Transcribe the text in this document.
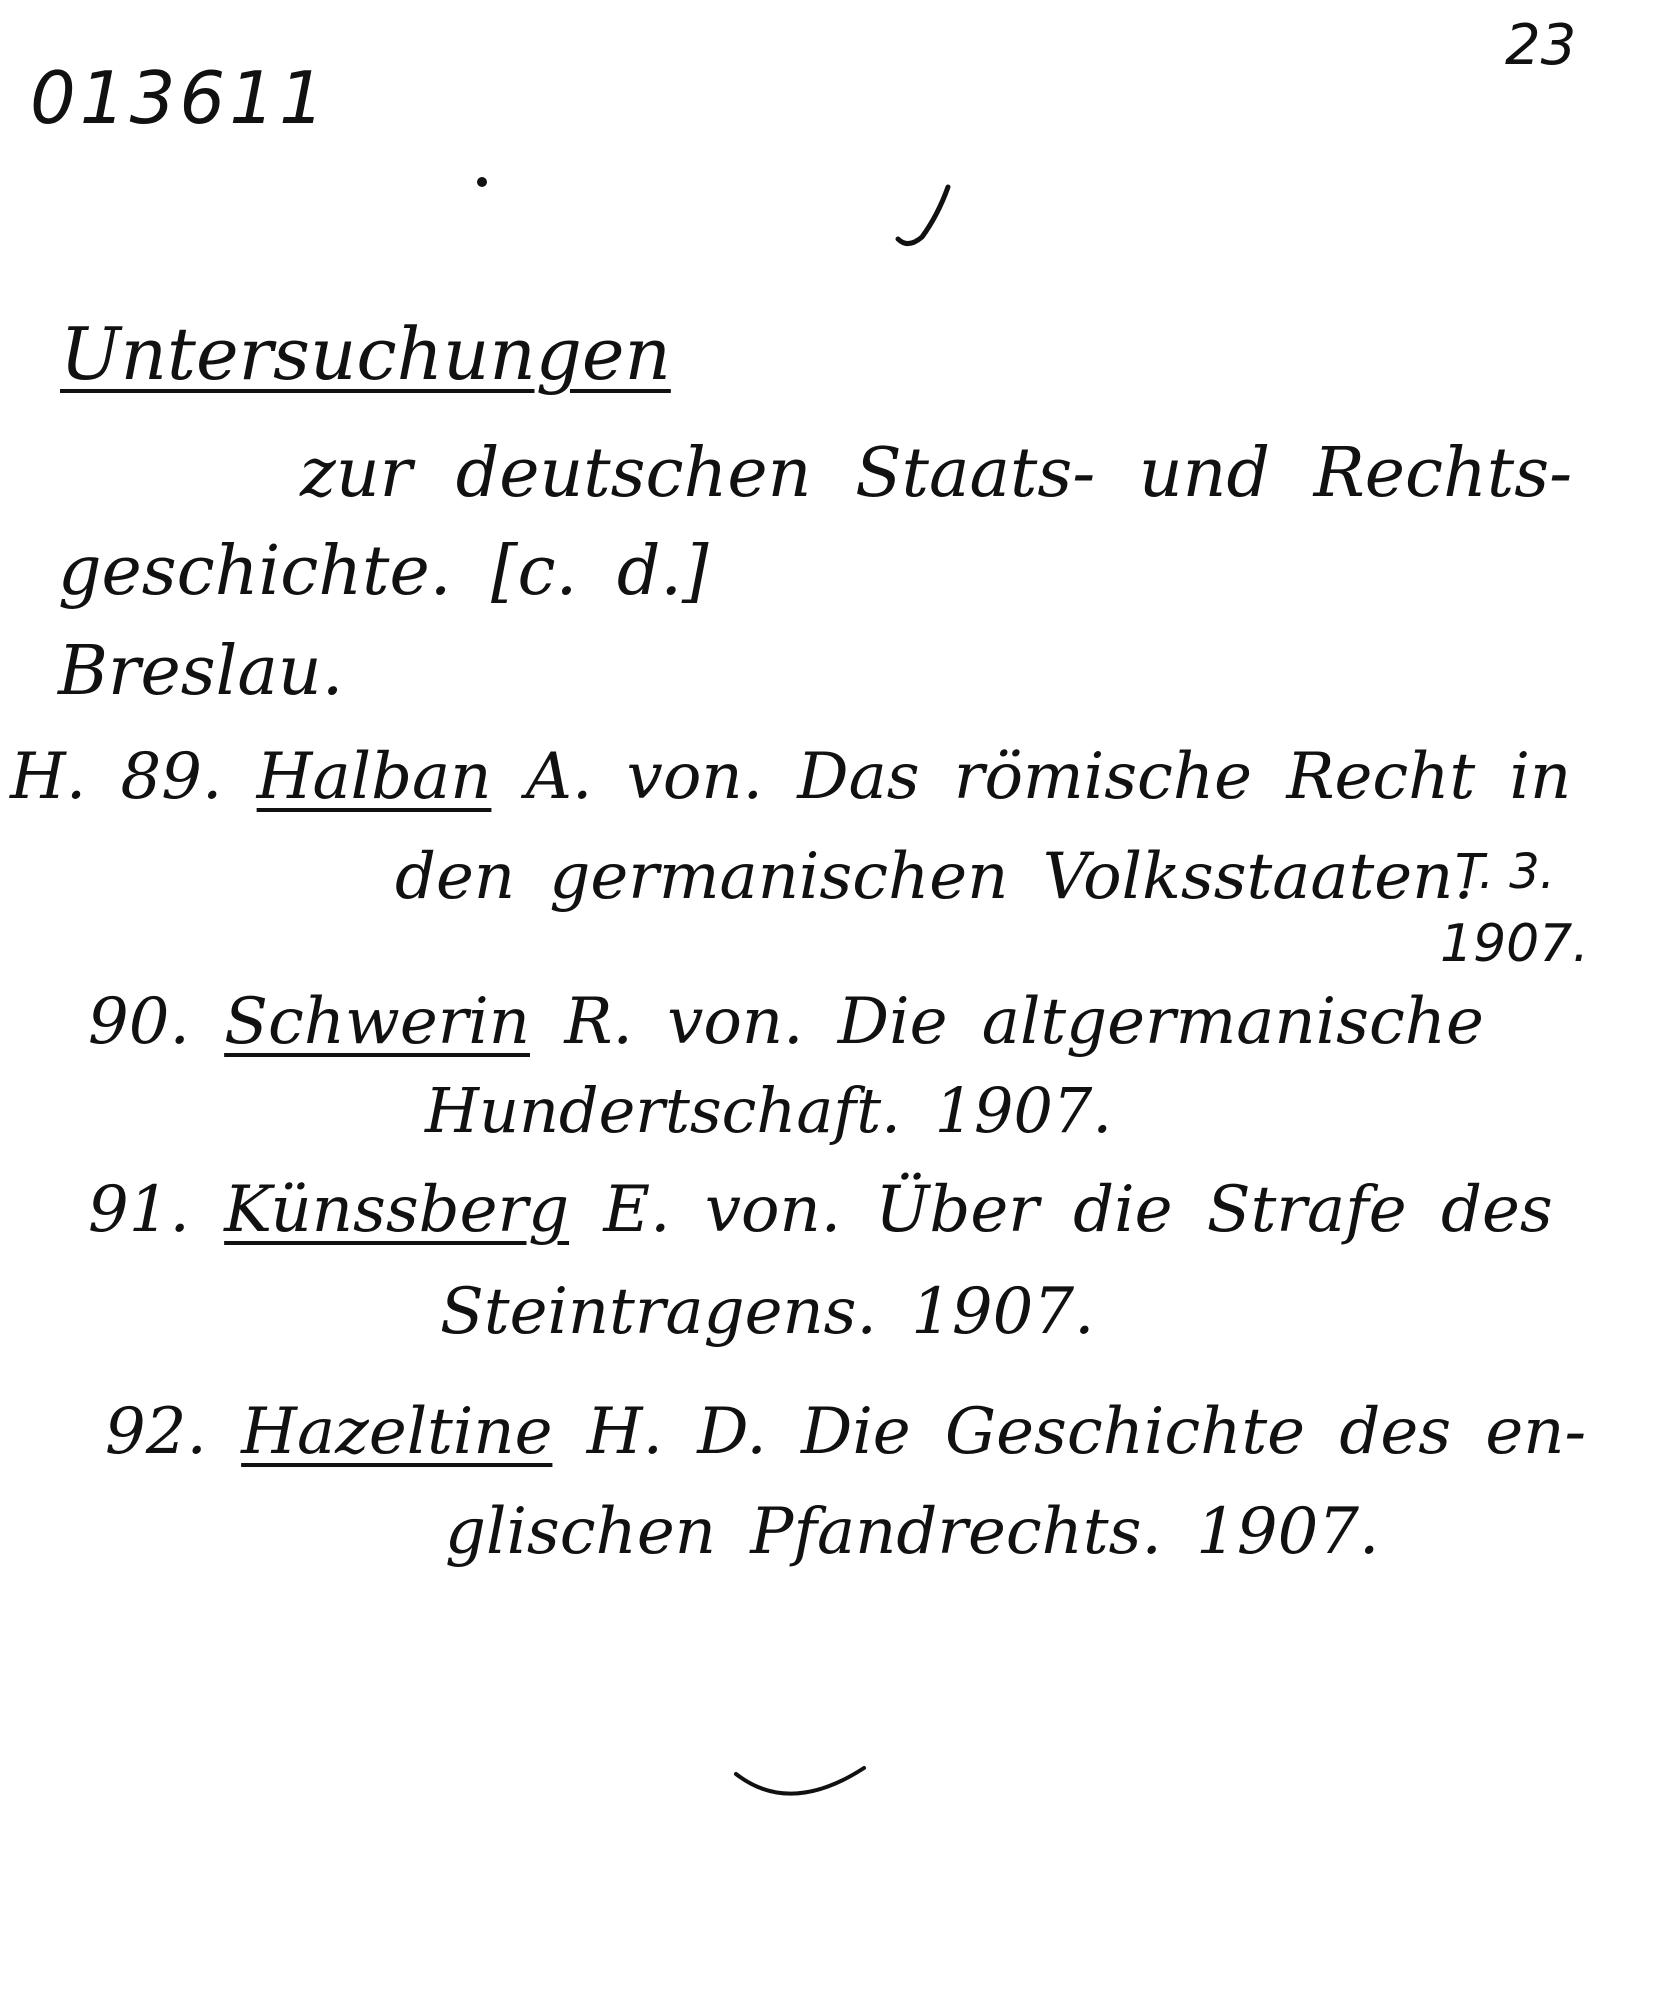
013611
23
Untersuchungen
zur deutschen Staats- und Rechts-
geschichte. [c. d.]
Breslau.
H. 89. Halban A. von. Das römische Recht in
den germanischen Volksstaaten.
T. 3.
1907.
90. Schwerin R. von. Die altgermanische
Hundertschaft. 1907.
91. Künssberg E. von. Über die Strafe des
Steintragens. 1907.
92. Hazeltine H. D. Die Geschichte des en-
glischen Pfandrechts. 1907.
